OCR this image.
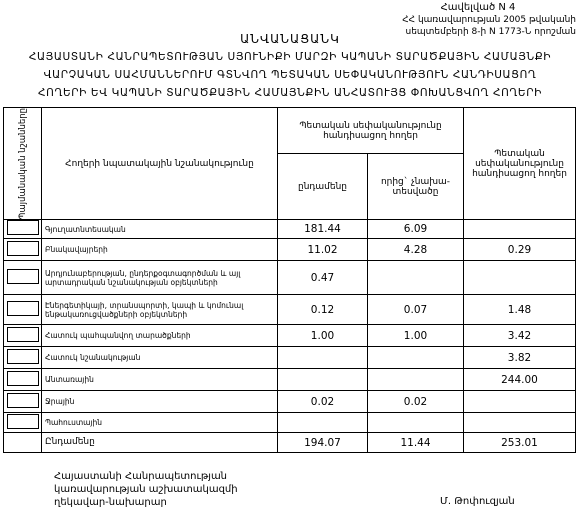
Հավելված N 4
ՀՀ կառավարության 2005 թվականի
սեպտեմբերի 8-ի N 1773-Ն որոշման
ԱՆՎԱՆԱՑԱՆԿ
ՀԱՅԱՍՏԱՆԻ ՀԱՆՐԱՊԵՏՈՒԹՅԱՆ ՍՅՈՒՆԻՔԻ ՄԱՐԶԻ ԿԱՊԱՆԻ ՏԱՐԱԾՔԱՅԻՆ ՀԱՄԱՅՆՔԻ
ՎԱՐՉԱԿԱՆ ՍԱՀՄԱՆՆԵՐՈՒՄ ԳՏՆՎՈՂ ՊԵՏԱԿԱՆ ՍԵՓԱԿԱՆՈՒԹՅՈՒՆ ՀԱՆԴԻՍԱՑՈՂ
ՀՈՂԵՐԻ ԵՎ ԿԱՊԱՆԻ ՏԱՐԱԾՔԱՅԻՆ ՀԱՄԱՅՆՔԻՆ ԱՆՀԱՏՈՒՅՑ ՓՈԽԱՆՑՎՈՂ ՀՈՂԵՐԻ
Պայմանական նշանները	Հողերի նպատակային նշանակությունը	Պետական սեփականությունը հանդիսացող հողեր		Պետական սեփականությունը հանդիսացող հողեր
		ընդամենը	որից` չնախա-տեսվածը	
	Գյուղատնտեսական	181.44	6.09	
	Բնակավայրերի	11.02	4.28	0.29
	Արդյունաբերության, ընդերքօգտագործման և այլ արտադրական նշանակության օբյեկտների	0.47		
	Էներգետիկայի, տրանսպորտի, կապի և կոմունալ ենթակառուցվածքների օբյեկտների	0.12	0.07	1.48
	Հատուկ պահպանվող տարածքների	1.00	1.00	3.42
	Հատուկ նշանակության			3.82
	Անտառային			244.00
	Ջրային	0.02	0.02	
	Պահուստային			
	Ընդամենը	194.07	11.44	253.01
Հայաստանի Հանրապետության
կառավարության աշխատակազմի
ղեկավար-նախարար	Մ. Թոփուզյան
